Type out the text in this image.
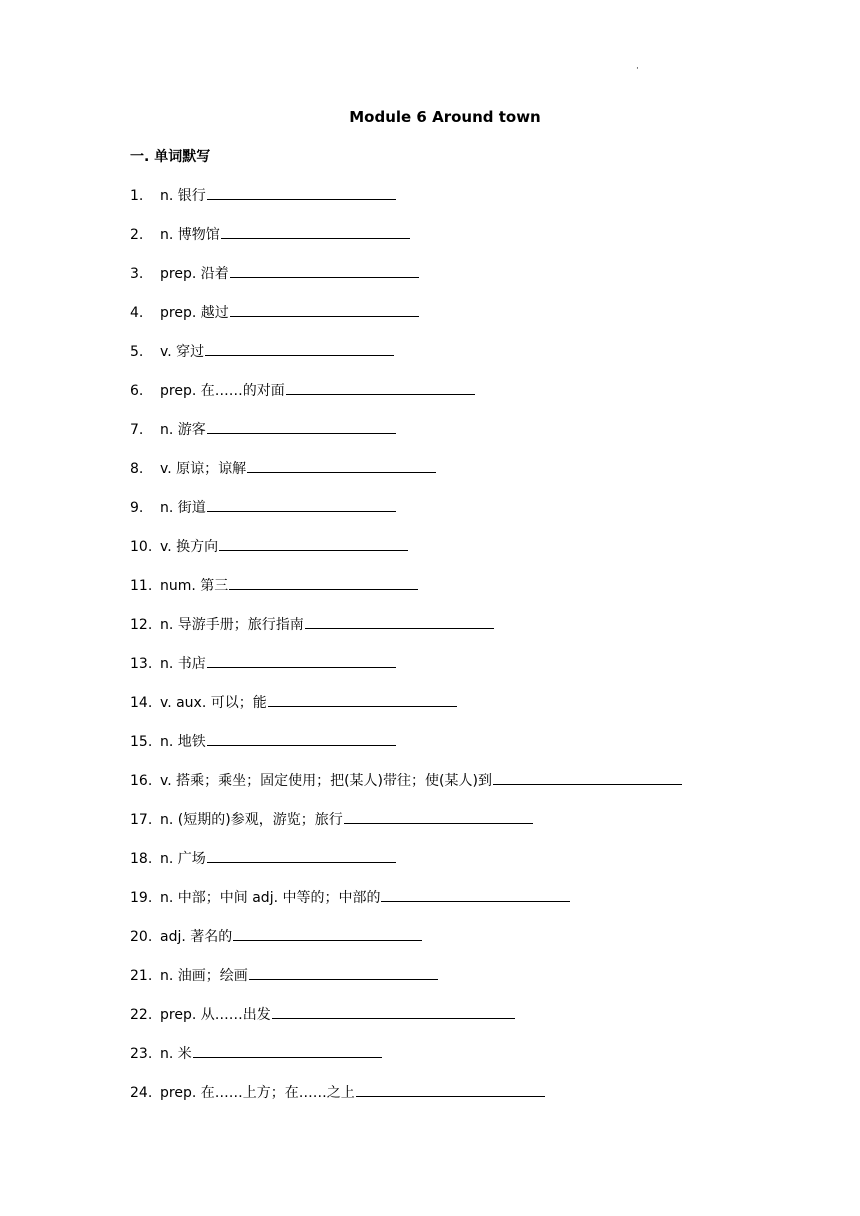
·
Module 6 Around town
一. 单词默写
1.	n. 银行
2.	n. 博物馆
3.	prep. 沿着
4.	prep. 越过
5.	v. 穿过
6.	prep. 在……的对面
7.	n. 游客
8.	v. 原谅；谅解
9.	n. 街道
10. v. 换方向
11. num. 第三
12. n. 导游手册；旅行指南
13. n. 书店
14. v. aux. 可以；能
15. n. 地铁
16. v. 搭乘；乘坐；固定使用；把(某人)带往；使(某人)到
17. n. (短期的)参观，游览；旅行
18. n. 广场
19. n. 中部；中间 adj. 中等的；中部的
20. adj. 著名的
21. n. 油画；绘画
22. prep. 从……出发
23. n. 米
24. prep. 在……上方；在……之上
